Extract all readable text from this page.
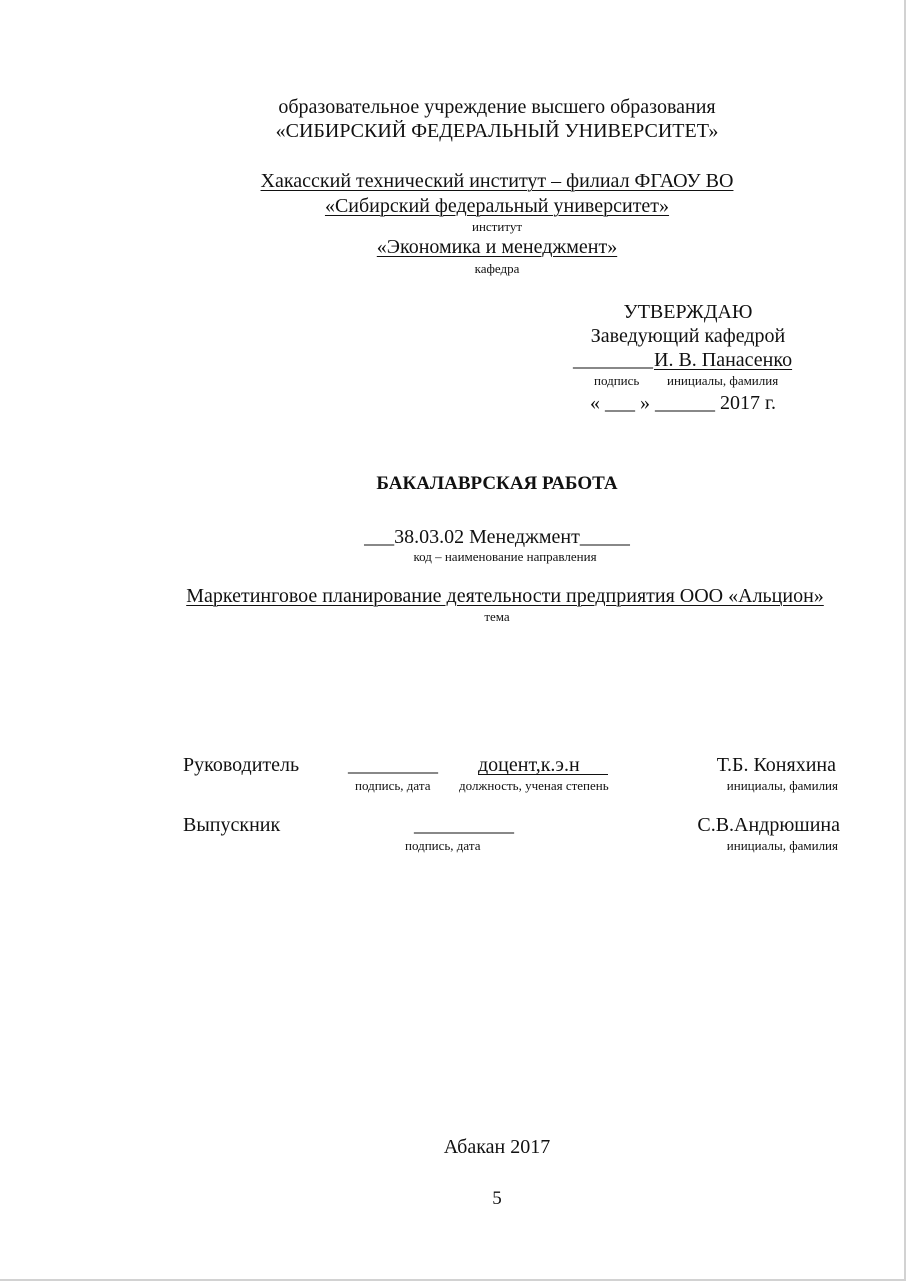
образовательное учреждение высшего образования
«СИБИРСКИЙ ФЕДЕРАЛЬНЫЙ УНИВЕРСИТЕТ»
Хакасский технический институт – филиал ФГАОУ ВО
«Сибирский федеральный университет»
институт
«Экономика и менеджмент»
кафедра
УТВЕРЖДАЮ
Заведующий кафедрой
________ И. В. Панасенко
подпись инициалы, фамилия
« ___ » ______ 2017 г.
БАКАЛАВРСКАЯ РАБОТА
___38.03.02 Менеджмент_____
код – наименование направления
Маркетинговое планирование деятельности предприятия ООО «Альцион»
тема
Руководитель _________ доцент,к.э.н	Т.Б. Коняхина
подпись, дата должность, ученая степень	инициалы, фамилия
Выпускник	__________	С.В.Андрюшина
подпись, дата	инициалы, фамилия
Абакан 2017
5
